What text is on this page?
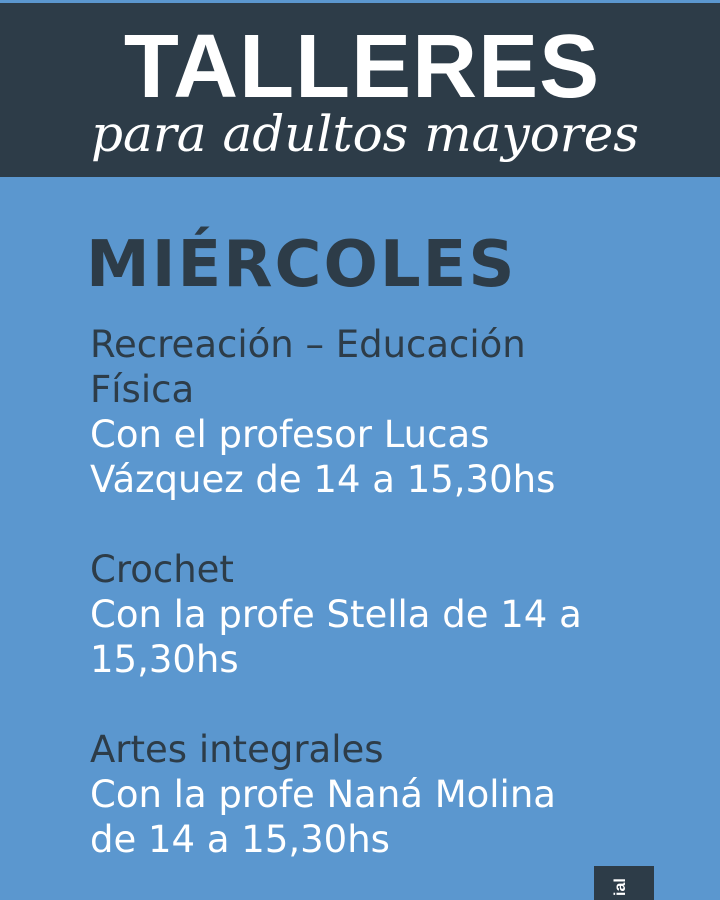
TALLERES
para adultos mayores
MIÉRCOLES
Recreación – Educación
Física
Con el profesor Lucas
Vázquez de 14 a 15,30hs
Crochet
Con la profe Stella de 14 a
15,30hs
Artes integrales
Con la profe Naná Molina
de 14 a 15,30hs
ial
